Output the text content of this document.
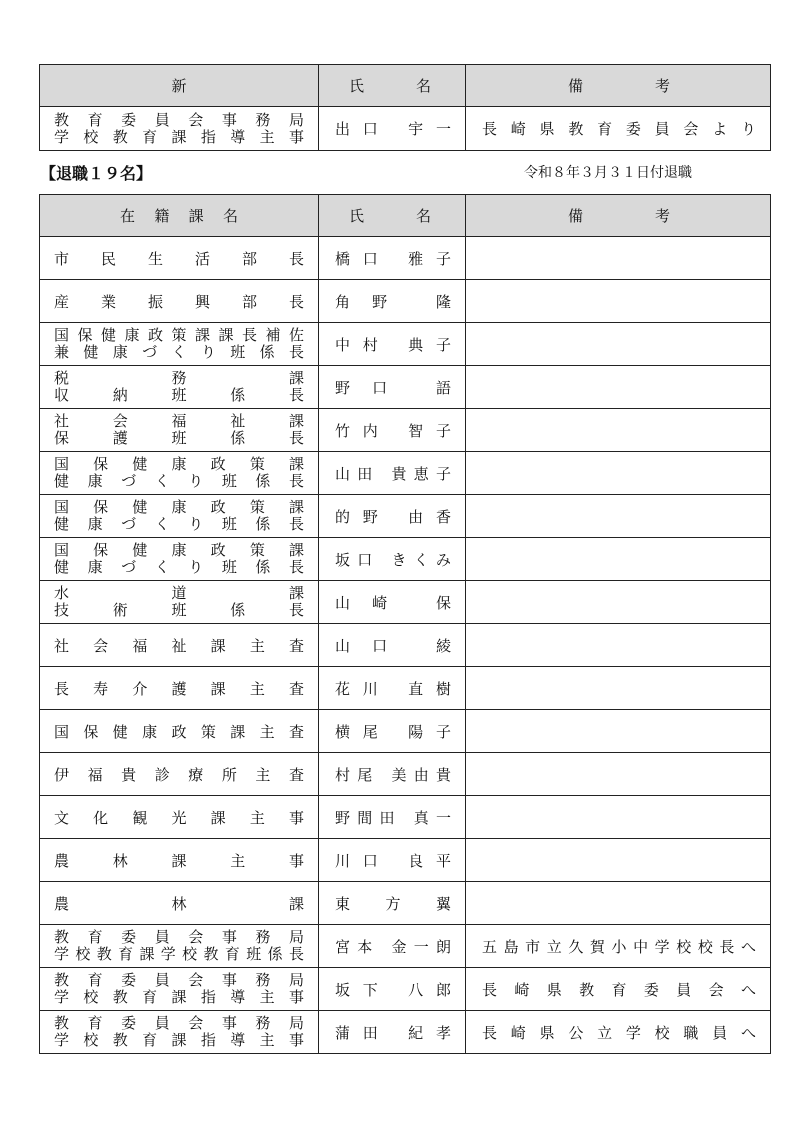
新	氏名	備考

教育委員会事務局
学校教育課指導主事	出口 宇一	長崎県教育委員会より
【退職１９名】	令和８年３月３１日付退職
在籍課名	氏名	備考

市民生活部長	橋口 雅子	

産業振興部長	角野 隆	

国保健康政策課課長補佐
兼健康づくり班係長	中村 典子	

税務課
収納班係長	野口 語	

社会福祉課
保護班係長	竹内 智子	

国保健康政策課
健康づくり班係長	山田 貴恵子	

国保健康政策課
健康づくり班係長	的野 由香	

国保健康政策課
健康づくり班係長	坂口 きくみ	

水道課
技術班係長	山崎 保	

社会福祉課主査	山口 綾	

長寿介護課主査	花川 直樹	

国保健康政策課主査	横尾 陽子	

伊福貴診療所主査	村尾 美由貴	

文化観光課主事	野間田 真一	

農林課主事	川口 良平	

農林課	東 方 翼	

教育委員会事務局
学校教育課学校教育班係長	宮本 金一朗	五島市立久賀小中学校校長へ

教育委員会事務局
学校教育課指導主事	坂下 八郎	長崎県教育委員会へ

教育委員会事務局
学校教育課指導主事	蒲田 紀孝	長崎県公立学校職員へ
